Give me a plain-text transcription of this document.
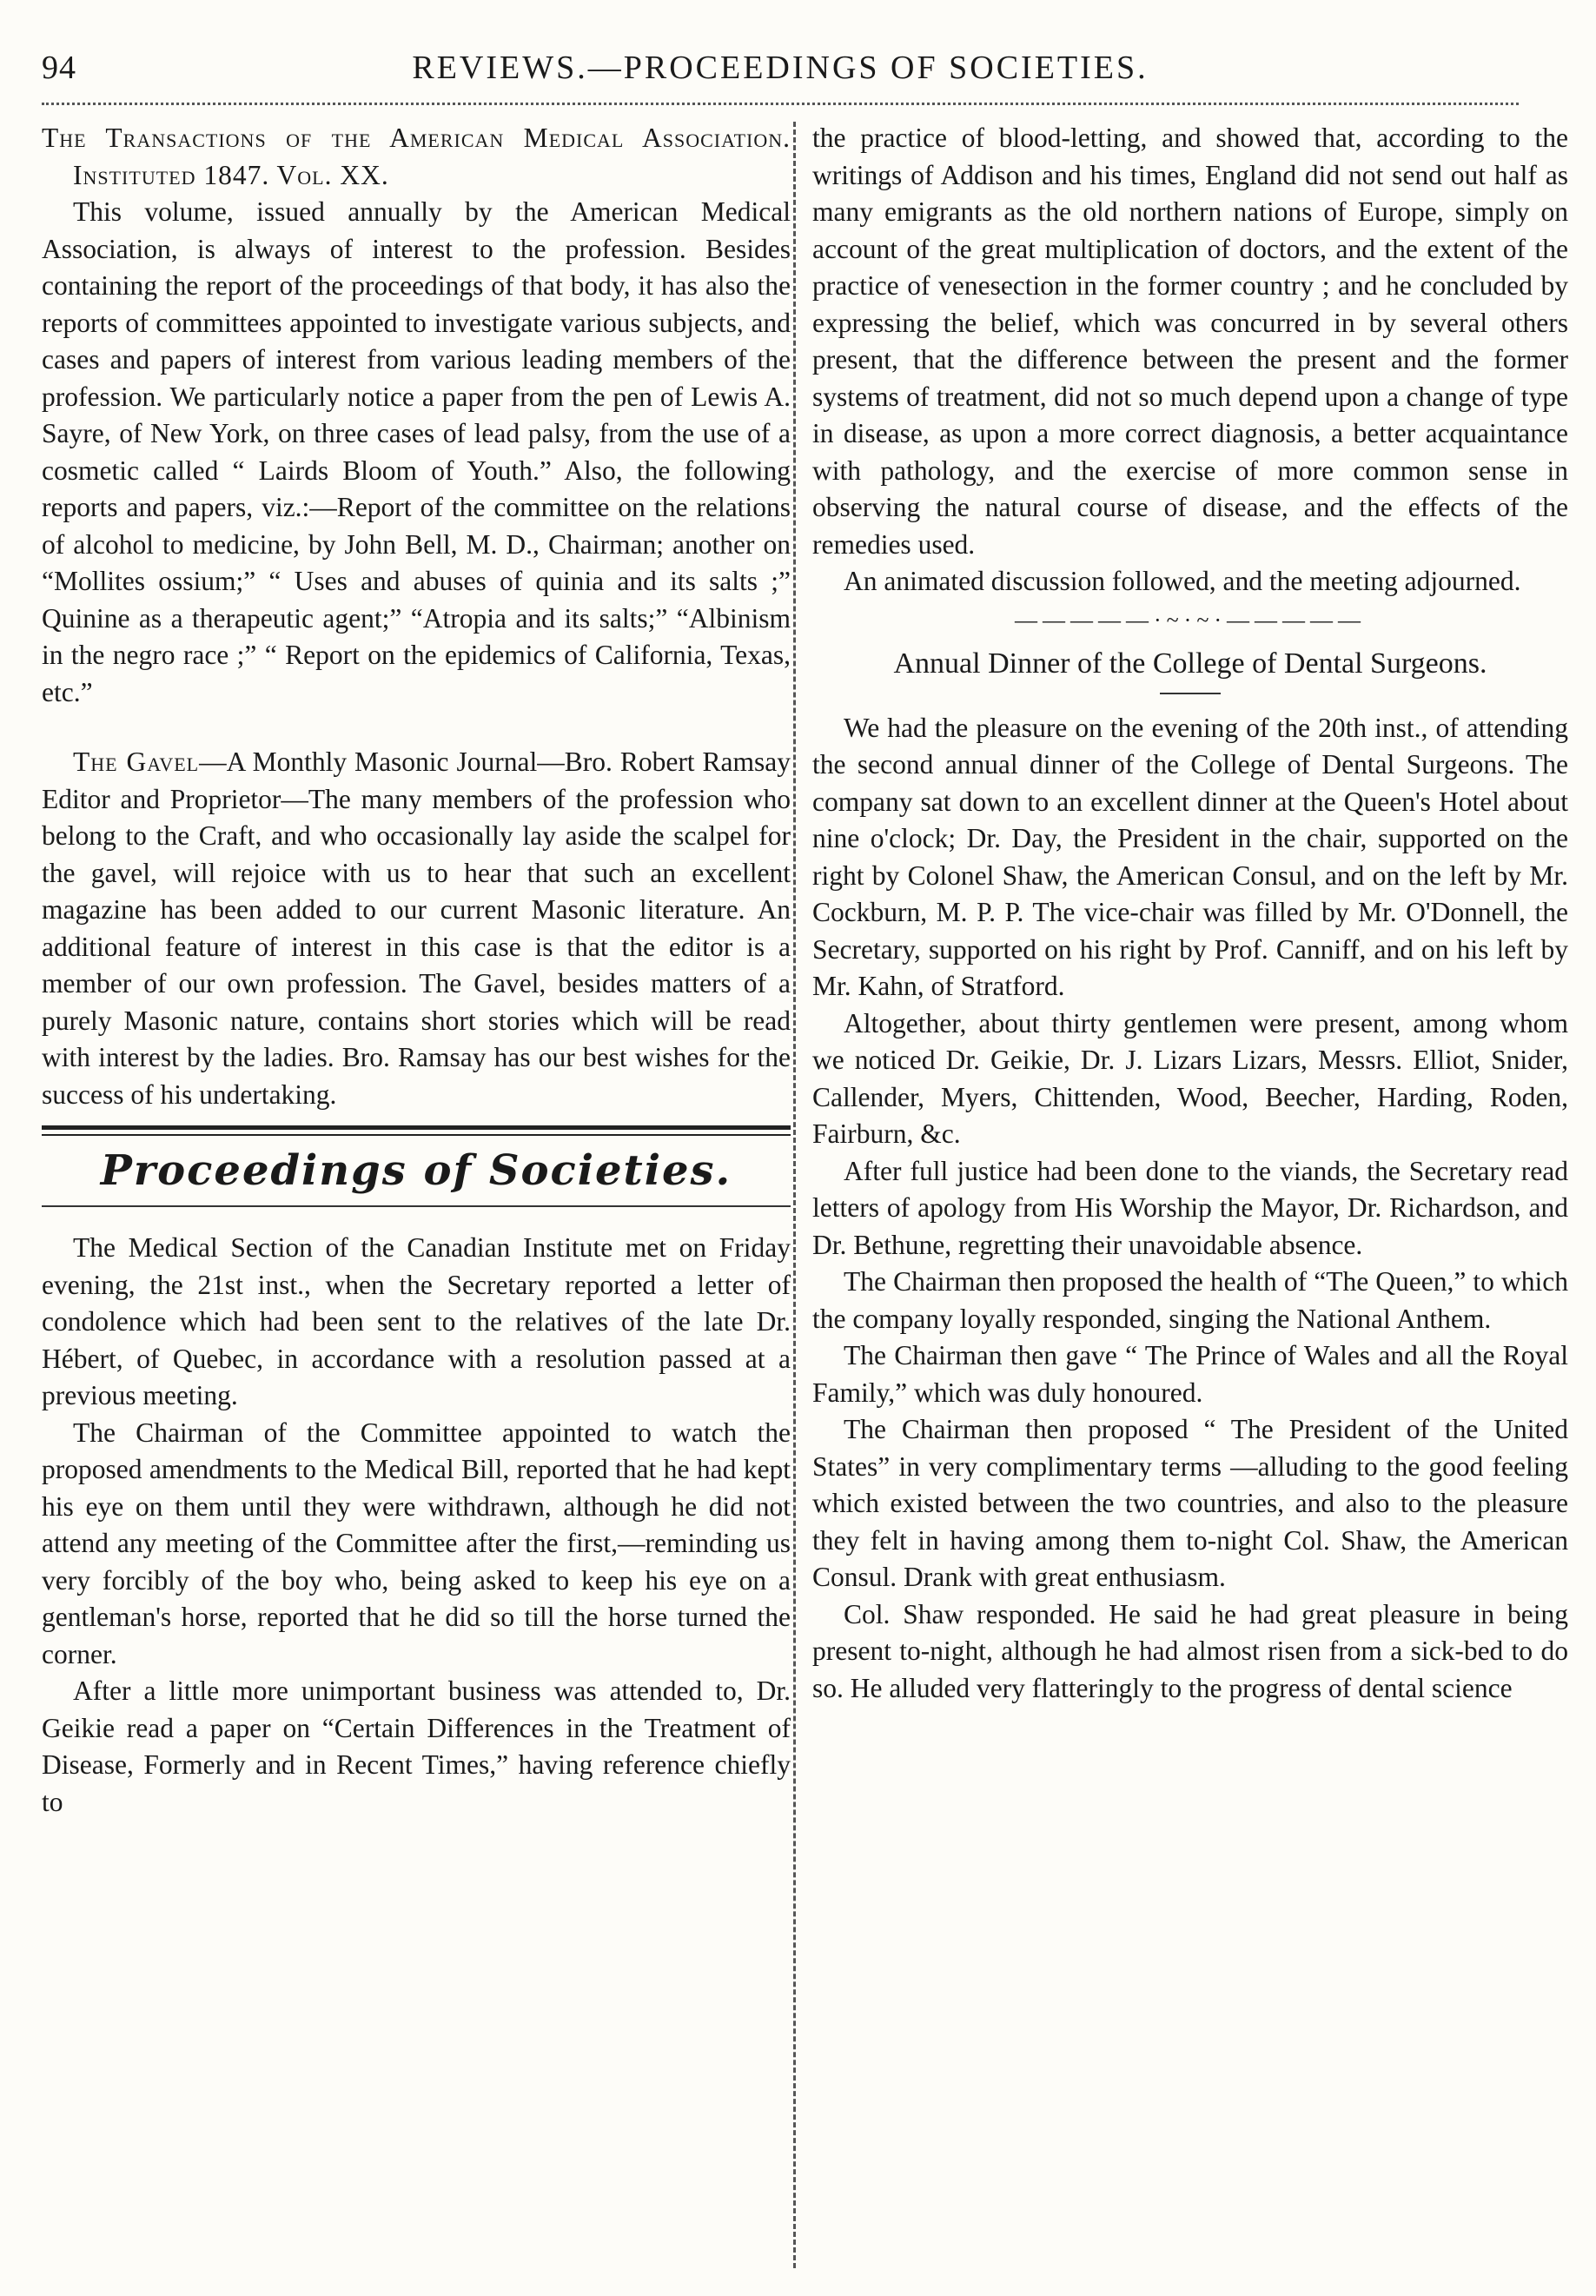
94	REVIEWS.—PROCEEDINGS OF SOCIETIES.

The Transactions of the American Medical Association. Instituted 1847. Vol. XX.

This volume, issued annually by the American Medical Association, is always of interest to the profession. Besides containing the report of the proceedings of that body, it has also the reports of committees appointed to investigate various subjects, and cases and papers of interest from various leading members of the profession. We particularly notice a paper from the pen of Lewis A. Sayre, of New York, on three cases of lead palsy, from the use of a cosmetic called “ Lairds Bloom of Youth.” Also, the following reports and papers, viz.:—Report of the committee on the relations of alcohol to medicine, by John Bell, M. D., Chairman; another on “Mollites ossium;” “ Uses and abuses of quinia and its salts ;” Quinine as a therapeutic agent;” “Atropia and its salts;” “Albinism in the negro race ;” “ Report on the epidemics of California, Texas, etc.”

The Gavel—A Monthly Masonic Journal—Bro. Robert Ramsay Editor and Proprietor—The many members of the profession who belong to the Craft, and who occasionally lay aside the scalpel for the gavel, will rejoice with us to hear that such an excellent magazine has been added to our current Masonic literature. An additional feature of interest in this case is that the editor is a member of our own profession. The Gavel, besides matters of a purely Masonic nature, contains short stories which will be read with interest by the ladies. Bro. Ramsay has our best wishes for the success of his undertaking.

Proceedings of Societies.

The Medical Section of the Canadian Institute met on Friday evening, the 21st inst., when the Secretary reported a letter of condolence which had been sent to the relatives of the late Dr. Hébert, of Quebec, in accordance with a resolution passed at a previous meeting.

The Chairman of the Committee appointed to watch the proposed amendments to the Medical Bill, reported that he had kept his eye on them until they were withdrawn, although he did not attend any meeting of the Committee after the first,—reminding us very forcibly of the boy who, being asked to keep his eye on a gentleman's horse, reported that he did so till the horse turned the corner.

After a little more unimportant business was attended to, Dr. Geikie read a paper on “Certain Differences in the Treatment of Disease, Formerly and in Recent Times,” having reference chiefly to

the practice of blood-letting, and showed that, according to the writings of Addison and his times, England did not send out half as many emigrants as the old northern nations of Europe, simply on account of the great multiplication of doctors, and the extent of the practice of venesection in the former country ; and he concluded by expressing the belief, which was concurred in by several others present, that the difference between the present and the former systems of treatment, did not so much depend upon a change of type in disease, as upon a more correct diagnosis, a better acquaintance with pathology, and the exercise of more common sense in observing the natural course of disease, and the effects of the remedies used.

An animated discussion followed, and the meeting adjourned.

—————·~·~·—————
Annual Dinner of the College of Dental Surgeons.

We had the pleasure on the evening of the 20th inst., of attending the second annual dinner of the College of Dental Surgeons. The company sat down to an excellent dinner at the Queen's Hotel about nine o'clock; Dr. Day, the President in the chair, supported on the right by Colonel Shaw, the American Consul, and on the left by Mr. Cockburn, M. P. P. The vice-chair was filled by Mr. O'Donnell, the Secretary, supported on his right by Prof. Canniff, and on his left by Mr. Kahn, of Stratford.

Altogether, about thirty gentlemen were present, among whom we noticed Dr. Geikie, Dr. J. Lizars Lizars, Messrs. Elliot, Snider, Callender, Myers, Chittenden, Wood, Beecher, Harding, Roden, Fairburn, &c.

After full justice had been done to the viands, the Secretary read letters of apology from His Worship the Mayor, Dr. Richardson, and Dr. Bethune, regretting their unavoidable absence.

The Chairman then proposed the health of “The Queen,” to which the company loyally responded, singing the National Anthem.

The Chairman then gave “ The Prince of Wales and all the Royal Family,” which was duly honoured.

The Chairman then proposed “ The President of the United States” in very complimentary terms —alluding to the good feeling which existed between the two countries, and also to the pleasure they felt in having among them to-night Col. Shaw, the American Consul. Drank with great enthusiasm.

Col. Shaw responded. He said he had great pleasure in being present to-night, although he had almost risen from a sick-bed to do so. He alluded very flatteringly to the progress of dental science
